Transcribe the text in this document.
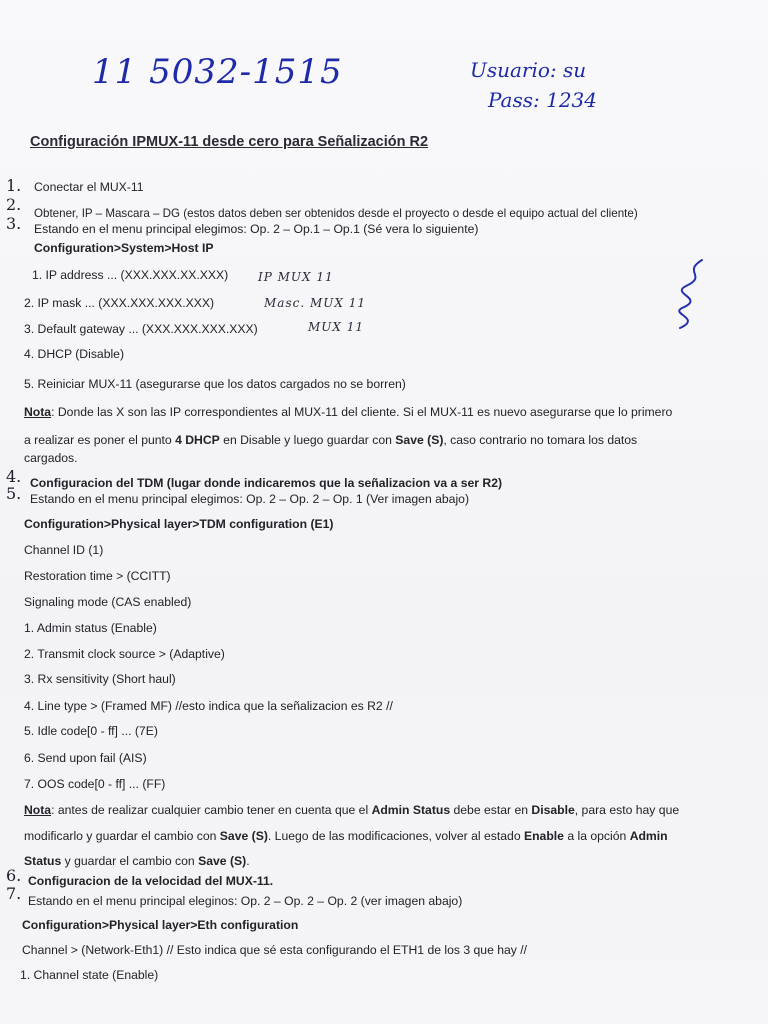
11 5032-1515	Usuario: su
Pass: 1234
Configuración IPMUX-11 desde cero para Señalización R2
1. Conectar el MUX-11
2. Obtener, IP – Mascara – DG (estos datos deben ser obtenidos desde el proyecto o desde el equipo actual del cliente)
3. Estando en el menu principal elegimos: Op. 2 – Op.1 – Op.1 (Sé vera lo siguiente)
Configuration>System>Host IP
1. IP address ... (XXX.XXX.XX.XXX) IP MUX 11
2. IP mask ... (XXX.XXX.XXX.XXX)	Masc. MUX 11
3. Default gateway ... (XXX.XXX.XXX.XXX)	MUX 11
4. DHCP (Disable)
5. Reiniciar MUX-11 (asegurarse que los datos cargados no se borren)
Nota: Donde las X son las IP correspondientes al MUX-11 del cliente. Si el MUX-11 es nuevo asegurarse que lo primero
a realizar es poner el punto 4 DHCP en Disable y luego guardar con Save (S), caso contrario no tomara los datos
cargados.
4. Configuracion del TDM (lugar donde indicaremos que la señalizacion va a ser R2)
5. Estando en el menu principal elegimos: Op. 2 – Op. 2 – Op. 1 (Ver imagen abajo)
Configuration>Physical layer>TDM configuration (E1)
Channel ID (1)
Restoration time > (CCITT)
Signaling mode (CAS enabled)
1. Admin status (Enable)
2. Transmit clock source > (Adaptive)
3. Rx sensitivity (Short haul)
4. Line type > (Framed MF) //esto indica que la señalizacion es R2 //
5. Idle code[0 - ff] ... (7E)
6. Send upon fail (AIS)
7. OOS code[0 - ff] ... (FF)
Nota: antes de realizar cualquier cambio tener en cuenta que el Admin Status debe estar en Disable, para esto hay que
modificarlo y guardar el cambio con Save (S). Luego de las modificaciones, volver al estado Enable a la opción Admin
Status y guardar el cambio con Save (S).
6. Configuracion de la velocidad del MUX-11.
7. Estando en el menu principal eleginos: Op. 2 – Op. 2 – Op. 2 (ver imagen abajo)
Configuration>Physical layer>Eth configuration
Channel > (Network-Eth1) // Esto indica que sé esta configurando el ETH1 de los 3 que hay //
1. Channel state (Enable)
